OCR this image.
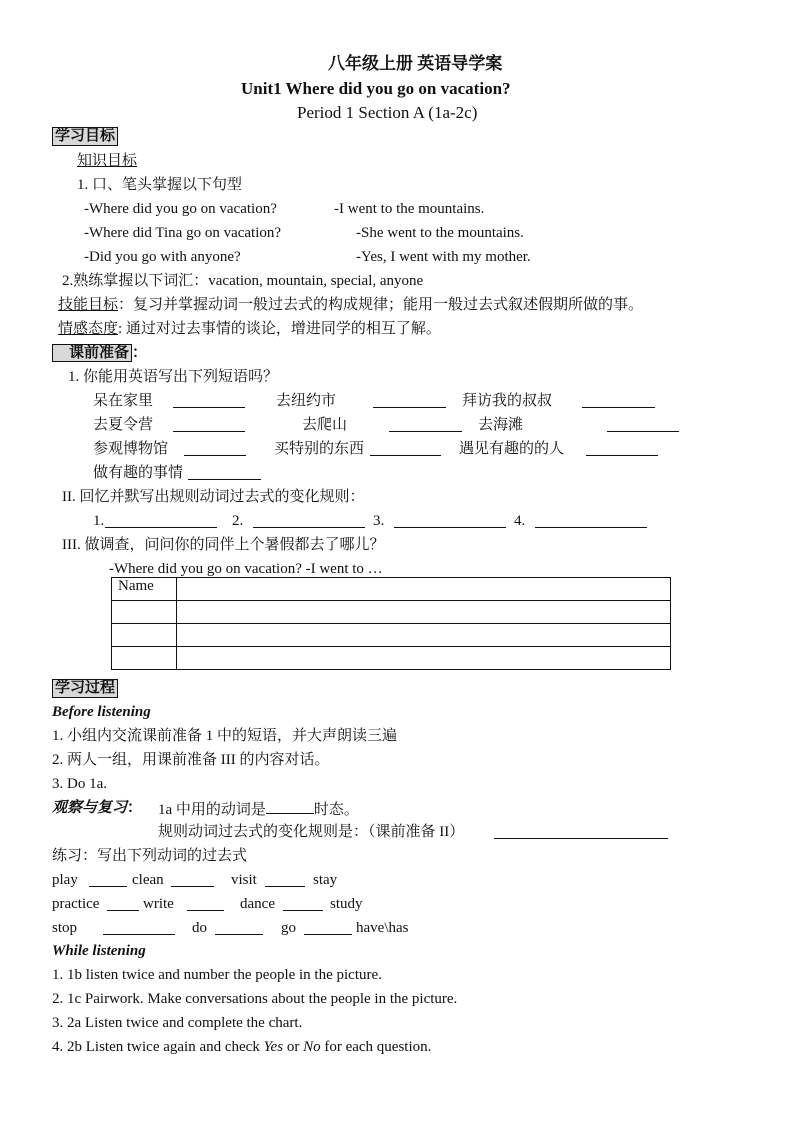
八年级上册 英语导学案
Unit1 Where did you go on vacation?
Period 1 Section A (1a-2c)
学习目标
知识目标
1. 口、笔头掌握以下句型
-Where did you go on vacation?	-I went to the mountains.
-Where did Tina go on vacation?	-She went to the mountains.
-Did you go with anyone?	-Yes, I went with my mother.
2.熟练掌握以下词汇：vacation, mountain, special, anyone
技能目标：复习并掌握动词一般过去式的构成规律；能用一般过去式叙述假期所做的事。
情感态度: 通过对过去事情的谈论，增进同学的相互了解。
课前准备 ：
1. 你能用英语写出下列短语吗？
呆在家里	去纽约市	拜访我的叔叔
去夏令营	去爬山	去海滩
参观博物馆	买特别的东西	遇见有趣的的人
做有趣的事情
II. 回忆并默写出规则动词过去式的变化规则：
1.	2.	3.	4.
III. 做调查，问问你的同伴上个暑假都去了哪儿？
-Where did you go on vacation? -I went to …
Name	

学习过程
Before listening
1. 小组内交流课前准备 1 中的短语，并大声朗读三遍
2. 两人一组，用课前准备 III 的内容对话。
3. Do 1a.
观察与复习： 1a 中用的动词是	时态。
规则动词过去式的变化规则是：（课前准备 II）
练习：写出下列动词的过去式
play	clean	visit	stay
practice	write	dance	study
stop	do	go	have\has
While listening
1. 1b listen twice and number the people in the picture.
2. 1c Pairwork. Make conversations about the people in the picture.
3. 2a Listen twice and complete the chart.
4. 2b Listen twice again and check Yes or No for each question.
